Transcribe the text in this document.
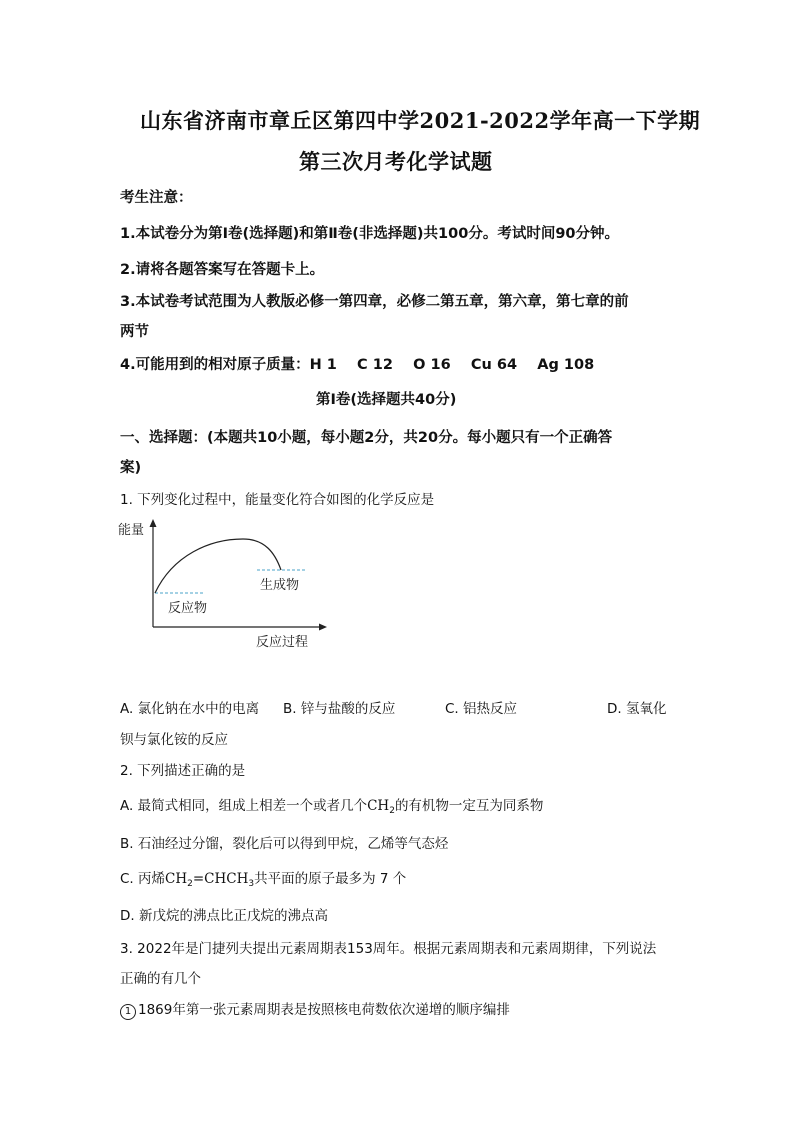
山东省济南市章丘区第四中学2021-2022学年高一下学期
第三次月考化学试题
考生注意：
1.本试卷分为第Ⅰ卷(选择题)和第Ⅱ卷(非选择题)共100分。考试时间90分钟。
2.请将各题答案写在答题卡上。
3.本试卷考试范围为人教版必修一第四章，必修二第五章，第六章，第七章的前
两节
4.可能用到的相对原子质量：H 1    C 12    O 16    Cu 64    Ag 108
第Ⅰ卷(选择题共40分)
一、选择题：(本题共10小题，每小题2分，共20分。每小题只有一个正确答
案)
1. 下列变化过程中，能量变化符合如图的化学反应是
能量
反应物
生成物
反应过程
A. 氯化钠在水中的电离 B. 锌与盐酸的反应	C. 铝热反应	D. 氢氧化
钡与氯化铵的反应
2. 下列描述正确的是
A. 最简式相同，组成上相差一个或者几个$CH_2$的有机物一定互为同系物
B. 石油经过分馏，裂化后可以得到甲烷，乙烯等气态烃
C. 丙烯$CH_2=CHCH_3$共平面的原子最多为 7 个
D. 新戊烷的沸点比正戊烷的沸点高
3. 2022年是门捷列夫提出元素周期表153周年。根据元素周期表和元素周期律，下列说法
正确的有几个
1 1869年第一张元素周期表是按照核电荷数依次递增的顺序编排
